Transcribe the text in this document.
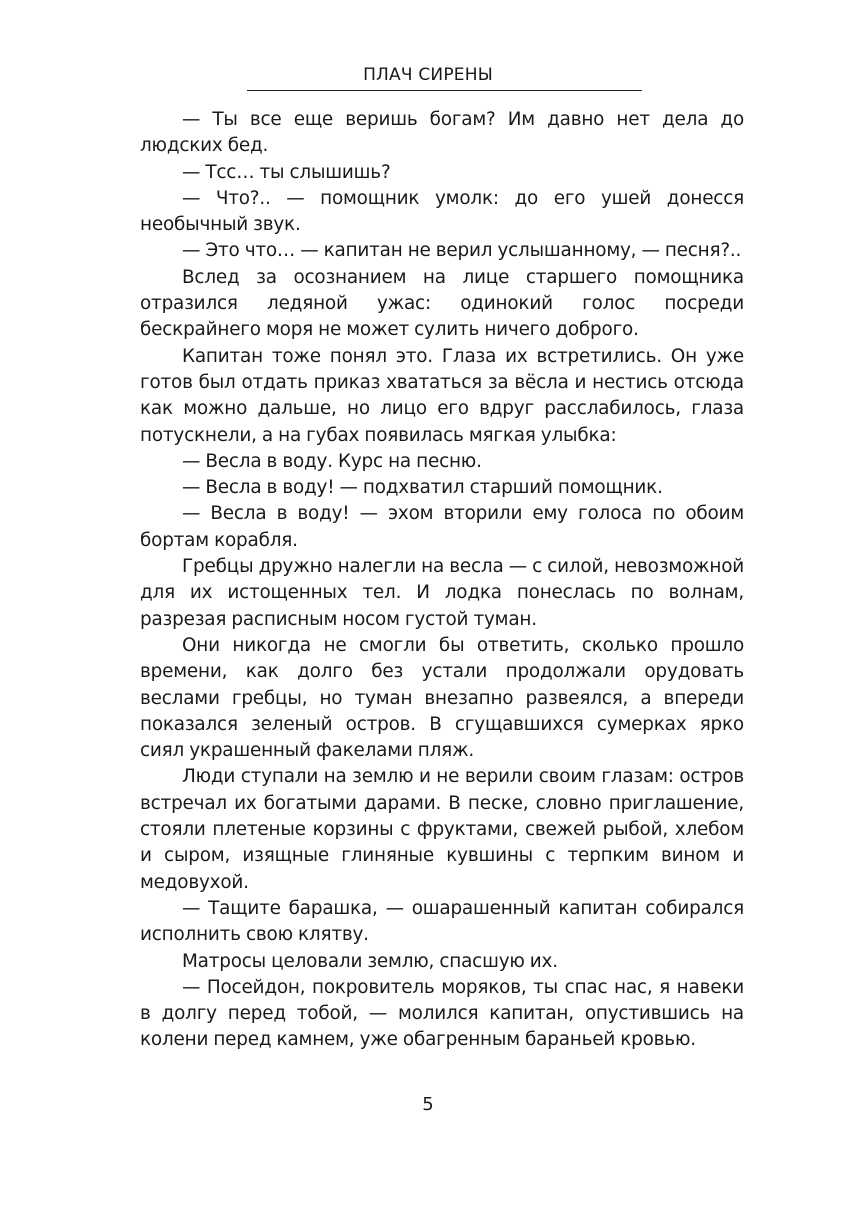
ПЛАЧ СИРЕНЫ

— Ты все еще веришь богам? Им давно нет дела до людских бед.

— Тсс… ты слышишь?

— Что?.. — помощник умолк: до его ушей донесся необычный звук.

— Это что… — капитан не верил услышанному, — песня?..

Вслед за осознанием на лице старшего помощника отразился ледяной ужас: одинокий голос посреди бескрайнего моря не может сулить ничего доброго.

Капитан тоже понял это. Глаза их встретились. Он уже готов был отдать приказ хвататься за вёсла и нестись отсюда как можно дальше, но лицо его вдруг расслабилось, глаза потускнели, а на губах появилась мягкая улыбка:

— Весла в воду. Курс на песню.

— Весла в воду! — подхватил старший помощник.

— Весла в воду! — эхом вторили ему голоса по обоим бортам корабля.

Гребцы дружно налегли на весла — с силой, невозможной для их истощенных тел. И лодка понеслась по волнам, разрезая расписным носом густой туман.

Они никогда не смогли бы ответить, сколько прошло времени, как долго без устали продолжали орудовать веслами гребцы, но туман внезапно развеялся, а впереди показался зеленый остров. В сгущавшихся сумерках ярко сиял украшенный факелами пляж.

Люди ступали на землю и не верили своим глазам: остров встречал их богатыми дарами. В песке, словно приглашение, стояли плетеные корзины с фруктами, свежей рыбой, хлебом и сыром, изящные глиняные кувшины с терпким вином и медовухой.

— Тащите барашка, — ошарашенный капитан собирался исполнить свою клятву.

Матросы целовали землю, спасшую их.

— Посейдон, покровитель моряков, ты спас нас, я навеки в долгу перед тобой, — молился капитан, опустившись на колени перед камнем, уже обагренным бараньей кровью.

5
